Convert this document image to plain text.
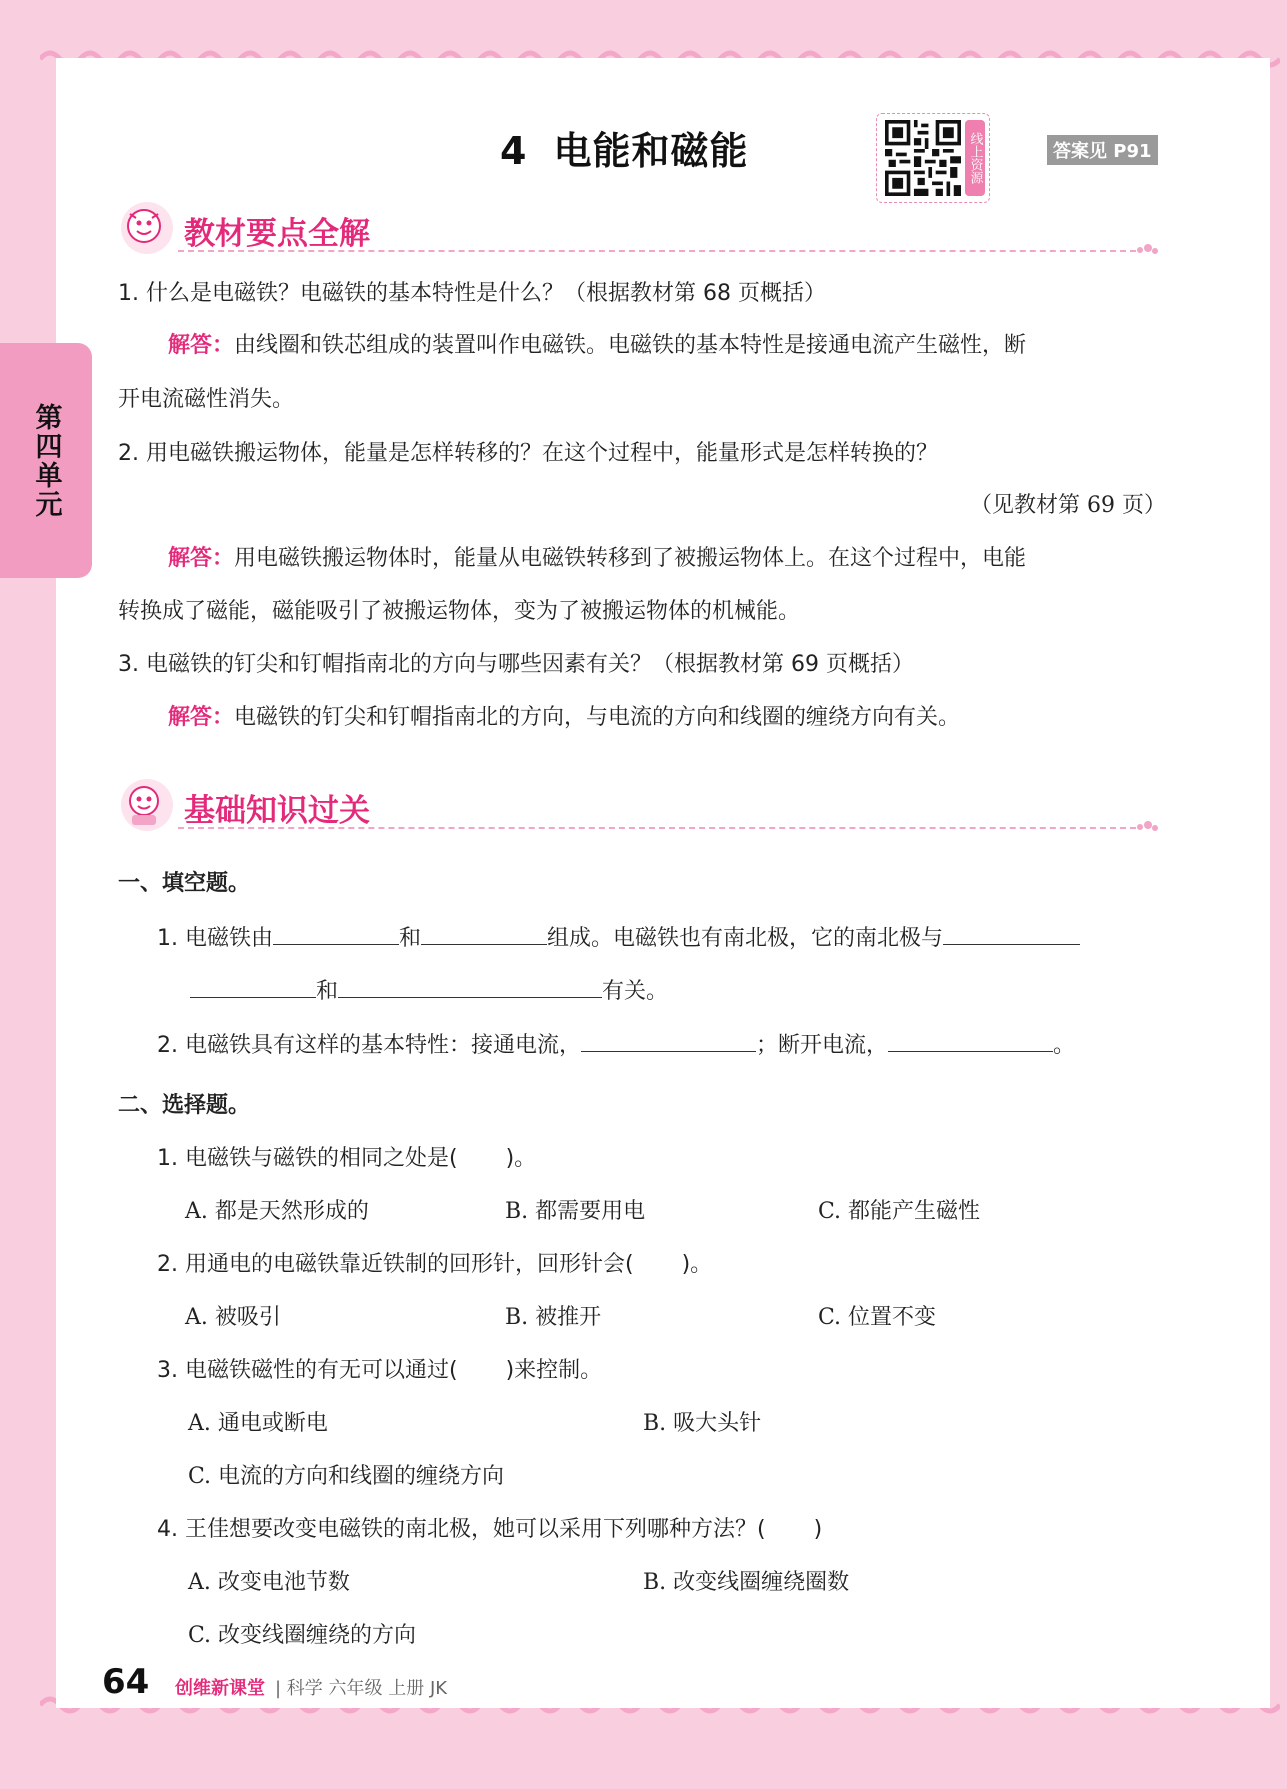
第四单元
4 电能和磁能	线上资源	答案见 P91
教材要点全解
1. 什么是电磁铁？电磁铁的基本特性是什么？（根据教材第 68 页概括）
解答：由线圈和铁芯组成的装置叫作电磁铁。电磁铁的基本特性是接通电流产生磁性，断
开电流磁性消失。
2. 用电磁铁搬运物体，能量是怎样转移的？在这个过程中，能量形式是怎样转换的？
（见教材第 69 页）
解答：用电磁铁搬运物体时，能量从电磁铁转移到了被搬运物体上。在这个过程中，电能
转换成了磁能，磁能吸引了被搬运物体，变为了被搬运物体的机械能。
3. 电磁铁的钉尖和钉帽指南北的方向与哪些因素有关？（根据教材第 69 页概括）
解答：电磁铁的钉尖和钉帽指南北的方向，与电流的方向和线圈的缠绕方向有关。
基础知识过关
一、填空题。
1. 电磁铁由	和	组成。电磁铁也有南北极，它的南北极与
和	有关。
2. 电磁铁具有这样的基本特性：接通电流，	；断开电流，	。
二、选择题。
1. 电磁铁与磁铁的相同之处是( )。
A. 都是天然形成的	B. 都需要用电	C. 都能产生磁性
2. 用通电的电磁铁靠近铁制的回形针，回形针会( )。
A. 被吸引	B. 被推开	C. 位置不变
3. 电磁铁磁性的有无可以通过( )来控制。
A. 通电或断电	B. 吸大头针
C. 电流的方向和线圈的缠绕方向
4. 王佳想要改变电磁铁的南北极，她可以采用下列哪种方法？( )
A. 改变电池节数	B. 改变线圈缠绕圈数
C. 改变线圈缠绕的方向
64 创维新课堂 | 科学 六年级 上册 JK
